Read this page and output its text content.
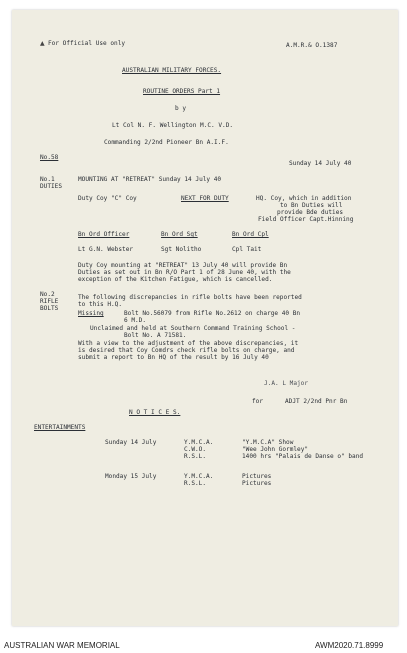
▲ For Official Use only	A.M.R.& O.1387
AUSTRALIAN MILITARY FORCES.
ROUTINE ORDERS Part 1
b y
Lt Col N. F. Wellington M.C. V.D.
Commanding 2/2nd Pioneer Bn A.I.F.
No.58
Sunday 14 July 40
No.1
DUTIES
MOUNTING AT "RETREAT" Sunday 14 July 40
Duty Coy "C" Coy	NEXT FOR DUTY	HQ. Coy, which in addition
to Bn Duties will
provide Bde duties
Field Officer Capt.Hinning
Bn Ord Officer	Bn Ord Sgt	Bn Ord Cpl
Lt G.N. Webster	Sgt Nolitho	Cpl Tait
Duty Coy mounting at "RETREAT" 13 July 40 will provide Bn
Duties as set out in Bn R/O Part 1 of 28 June 40, with the
exception of the Kitchen Fatigue, which is cancelled.
No.2
RIFLE
BOLTS
The following discrepancies in rifle bolts have been reported
to this H.Q.
Missing	Bolt No.56079 from Rifle No.2612 on charge 40 Bn
6 M.D.
Unclaimed and held at Southern Command Training School -
Bolt No. A 71581.
With a view to the adjustment of the above discrepancies, it
is desired that Coy Comdrs check rifle bolts on charge, and
submit a report to Bn HQ of the result by 16 July 40
J.A. L Major
for	ADJT 2/2nd Pnr Bn
N O T I C E S.
ENTERTAINMENTS
Sunday 14 July	Y.M.C.A.	"Y.M.C.A" Show
C.W.O.	"Wee John Gormley"
R.S.L.	1400 hrs "Palais de Danse o" band
Monday 15 July	Y.M.C.A.	Pictures
R.S.L.	Pictures
AUSTRALIAN WAR MEMORIAL	AWM2020.71.8999
